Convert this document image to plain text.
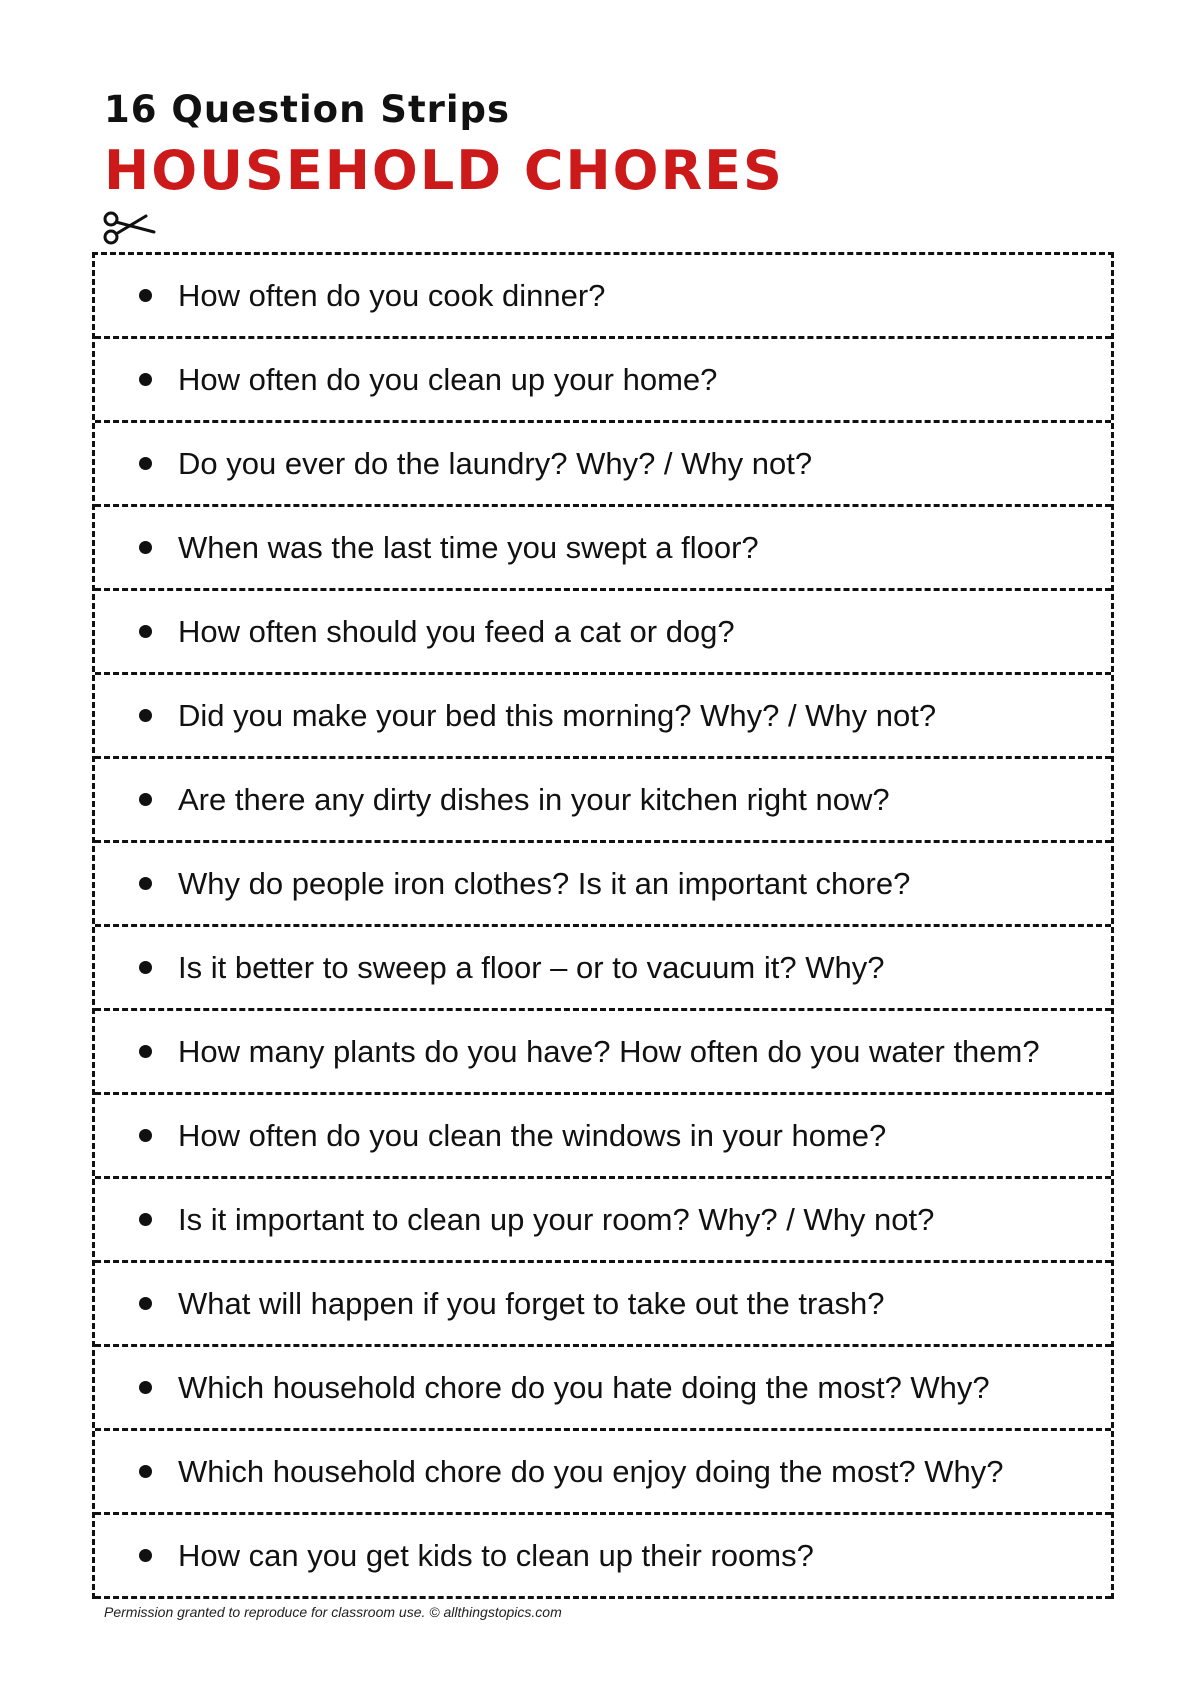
16 Question Strips
HOUSEHOLD CHORES
How often do you cook dinner?
How often do you clean up your home?
Do you ever do the laundry? Why? / Why not?
When was the last time you swept a floor?
How often should you feed a cat or dog?
Did you make your bed this morning? Why? / Why not?
Are there any dirty dishes in your kitchen right now?
Why do people iron clothes? Is it an important chore?
Is it better to sweep a floor – or to vacuum it? Why?
How many plants do you have? How often do you water them?
How often do you clean the windows in your home?
Is it important to clean up your room? Why? / Why not?
What will happen if you forget to take out the trash?
Which household chore do you hate doing the most? Why?
Which household chore do you enjoy doing the most? Why?
How can you get kids to clean up their rooms?
Permission granted to reproduce for classroom use. © allthingstopics.com
